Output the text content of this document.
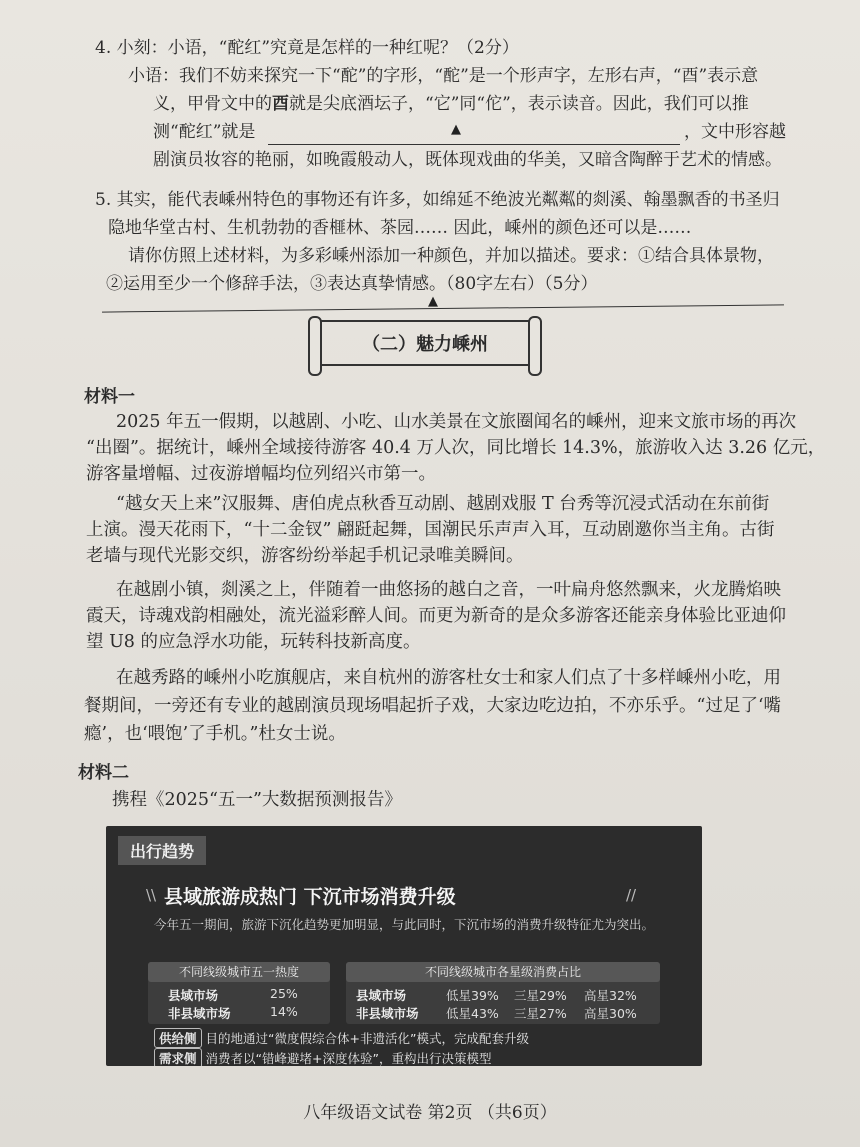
4. 小刻：小语，“酡红”究竟是怎样的一种红呢？（2分）
小语：我们不妨来探究一下“酡”的字形，“酡”是一个形声字，左形右声，“酉”表示意
义，甲骨文中的酉就是尖底酒坛子，“它”同“佗”，表示读音。因此，我们可以推
测“酡红”就是	▲	，文中形容越
剧演员妆容的艳丽，如晚霞般动人，既体现戏曲的华美，又暗含陶醉于艺术的情感。
5. 其实，能代表嵊州特色的事物还有许多，如绵延不绝波光粼粼的剡溪、翰墨飘香的书圣归
隐地华堂古村、生机勃勃的香榧林、茶园…… 因此，嵊州的颜色还可以是……
请你仿照上述材料，为多彩嵊州添加一种颜色，并加以描述。要求：①结合具体景物，
②运用至少一个修辞手法，③表达真挚情感。（80字左右）（5分）
▲
（二）魅力嵊州
材料一
2025 年五一假期，以越剧、小吃、山水美景在文旅圈闻名的嵊州，迎来文旅市场的再次
“出圈”。据统计，嵊州全域接待游客 40.4 万人次，同比增长 14.3%，旅游收入达 3.26 亿元，
游客量增幅、过夜游增幅均位列绍兴市第一。
“越女天上来”汉服舞、唐伯虎点秋香互动剧、越剧戏服 T 台秀等沉浸式活动在东前街
上演。漫天花雨下，“十二金钗” 翩跹起舞，国潮民乐声声入耳，互动剧邀你当主角。古街
老墙与现代光影交织，游客纷纷举起手机记录唯美瞬间。
在越剧小镇，剡溪之上，伴随着一曲悠扬的越白之音，一叶扁舟悠然飘来，火龙腾焰映
霞天，诗魂戏韵相融处，流光溢彩醉人间。而更为新奇的是众多游客还能亲身体验比亚迪仰
望 U8 的应急浮水功能，玩转科技新高度。
在越秀路的嵊州小吃旗舰店，来自杭州的游客杜女士和家人们点了十多样嵊州小吃，用
餐期间，一旁还有专业的越剧演员现场唱起折子戏，大家边吃边拍，不亦乐乎。“过足了‘嘴
瘾’，也‘喂饱’了手机。”杜女士说。
材料二
携程《2025“五一”大数据预测报告》
出行趋势
\\ 县域旅游成热门 下沉市场消费升级	//
今年五一期间，旅游下沉化趋势更加明显，与此同时，下沉市场的消费升级特征尤为突出。
不同线级城市五一热度
县域市场	25%
非县域市场	14%
不同线级城市各星级消费占比
县域市场	低星39% 三星29% 高星32%
非县域市场 低星43% 三星27% 高星30%
供给侧 目的地通过“微度假综合体+非遗活化”模式，完成配套升级
需求侧 消费者以“错峰避堵+深度体验”，重构出行决策模型
八年级语文试卷 第2页 （共6页）
